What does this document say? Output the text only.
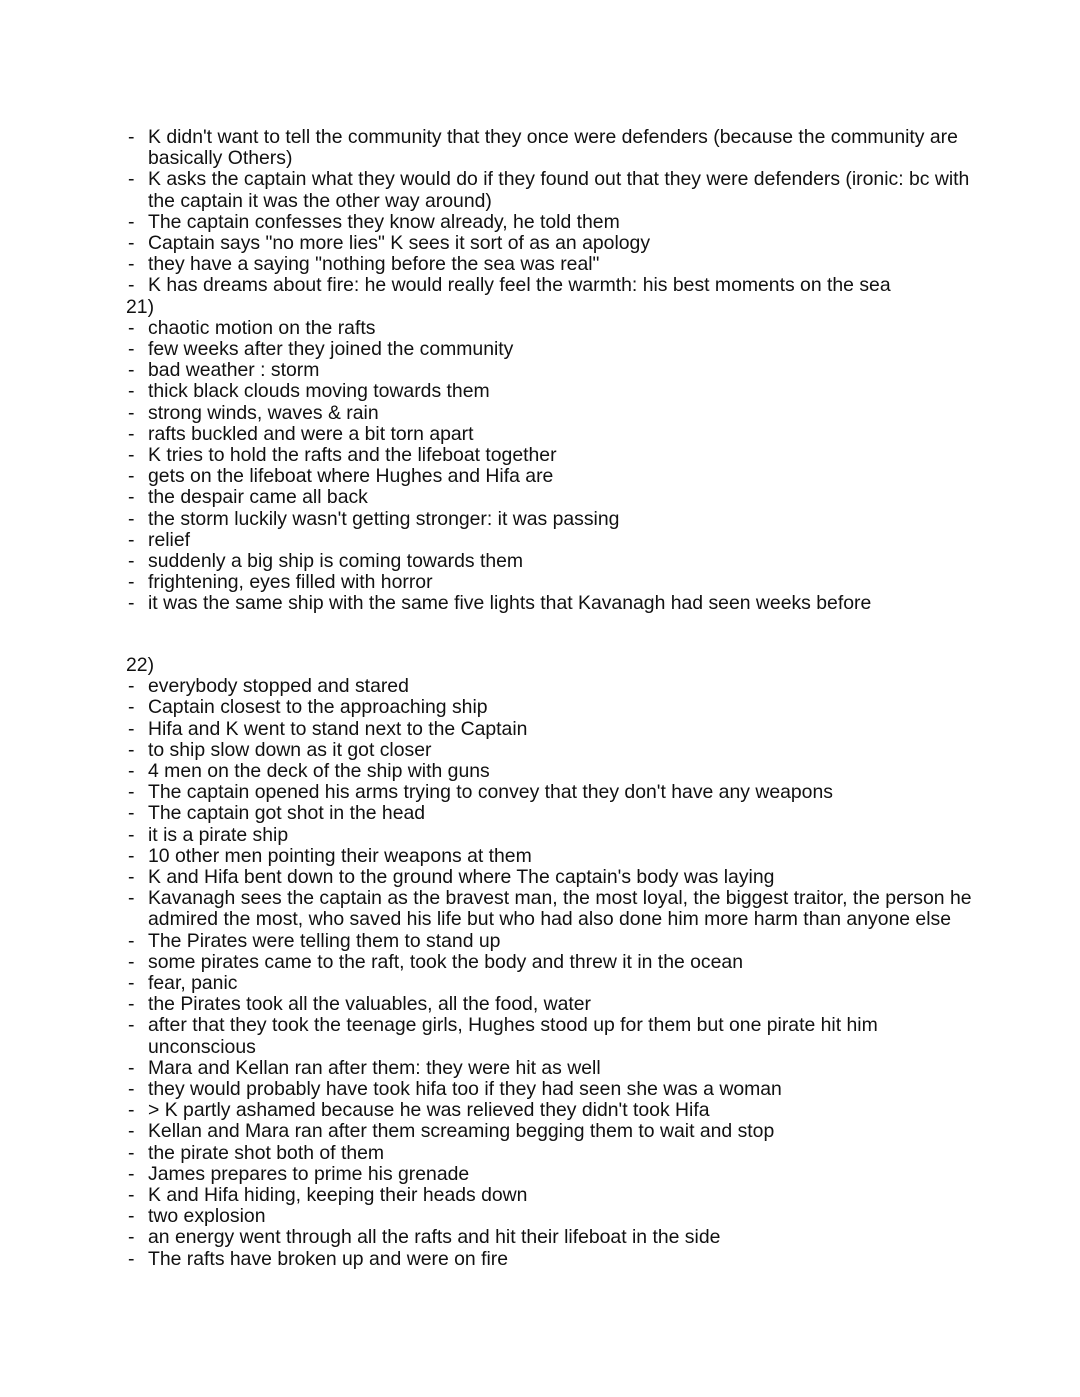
- K didn't want to tell the community that they once were defenders (because the community are basically Others)
- K asks the captain what they would do if they found out that they were defenders (ironic: bc with the captain it was the other way around)
- The captain confesses they know already, he told them
- Captain says "no more lies" K sees it sort of as an apology
- they have a saying "nothing before the sea was real"
- K has dreams about fire: he would really feel the warmth: his best moments on the sea
21)
- chaotic motion on the rafts
- few weeks after they joined the community
- bad weather : storm
- thick black clouds moving towards them
- strong winds, waves & rain
- rafts buckled and were a bit torn apart
- K tries to hold the rafts and the lifeboat together
- gets on the lifeboat where Hughes and Hifa are
- the despair came all back
- the storm luckily wasn't getting stronger: it was passing
- relief
- suddenly a big ship is coming towards them
- frightening, eyes filled with horror
- it was the same ship with the same five lights that Kavanagh had seen weeks before
22)
- everybody stopped and stared
- Captain closest to the approaching ship
- Hifa and K went to stand next to the Captain
- to ship slow down as it got closer
- 4 men on the deck of the ship with guns
- The captain opened his arms trying to convey that they don't have any weapons
- The captain got shot in the head
- it is a pirate ship
- 10 other men pointing their weapons at them
- K and Hifa bent down to the ground where The captain's body was laying
- Kavanagh sees the captain as the bravest man, the most loyal, the biggest traitor, the person he admired the most, who saved his life but who had also done him more harm than anyone else
- The Pirates were telling them to stand up
- some pirates came to the raft, took the body and threw it in the ocean
- fear, panic
- the Pirates took all the valuables, all the food, water
- after that they took the teenage girls, Hughes stood up for them but one pirate hit him unconscious
- Mara and Kellan ran after them: they were hit as well
- they would probably have took hifa too if they had seen she was a woman
- > K partly ashamed because he was relieved they didn't took Hifa
- Kellan and Mara ran after them screaming begging them to wait and stop
- the pirate shot both of them
- James prepares to prime his grenade
- K and Hifa hiding, keeping their heads down
- two explosion
- an energy went through all the rafts and hit their lifeboat in the side
- The rafts have broken up and were on fire
